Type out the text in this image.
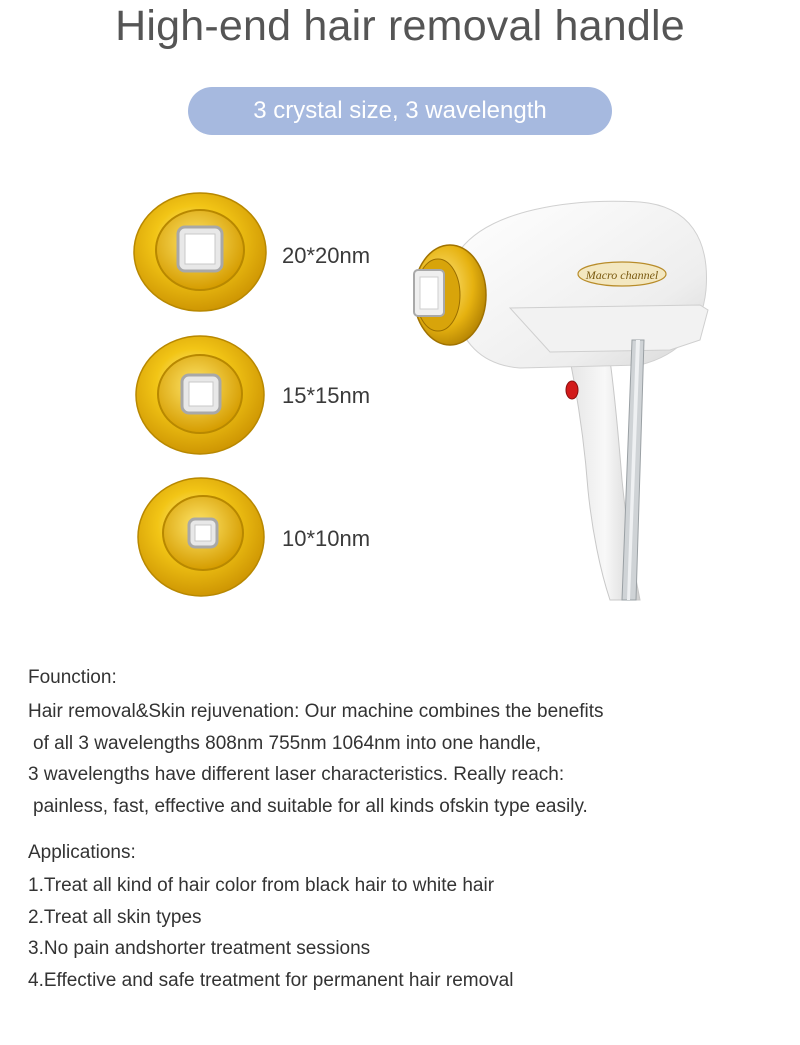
High-end hair removal handle
3 crystal size, 3 wavelength
20*20nm
15*15nm
10*10nm
Macro channel
Founction:
Hair removal&Skin rejuvenation: Our machine combines the benefits
of all 3 wavelengths 808nm 755nm 1064nm into one handle,
3 wavelengths have different laser characteristics. Really reach:
painless, fast, effective and suitable for all kinds ofskin type easily.
Applications:
1.Treat all kind of hair color from black hair to white hair
2.Treat all skin types
3.No pain andshorter treatment sessions
4.Effective and safe treatment for permanent hair removal
